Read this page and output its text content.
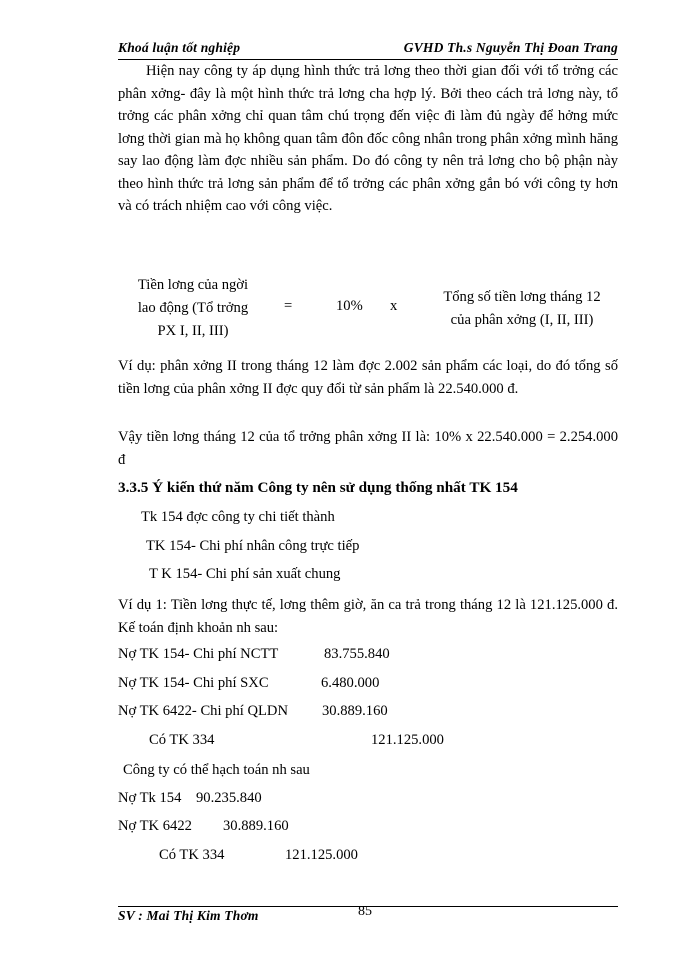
Khoá luận tốt nghiệp	GVHD Th.s Nguyễn Thị Đoan Trang
Hiện nay công ty áp dụng hình thức trả lơng theo thời gian đối với tổ trởng các phân xởng- đây là một hình thức trả lơng cha hợp lý. Bởi theo cách trả lơng này, tổ trởng các phân xởng chỉ quan tâm chú trọng đến việc đi làm đủ ngày để hởng mức lơng thời gian mà họ không quan tâm đôn đốc công nhân trong phân xởng mình hăng say lao động làm đợc nhiều sản phẩm. Do đó công ty nên trả lơng cho bộ phận này theo hình thức trả lơng sản phẩm để tổ trởng các phân xởng gắn bó với công ty hơn và có trách nhiệm cao với công việc.
Tiền lơng của ngời
lao động (Tổ trởng
PX I, II, III)
=	10% x
Tổng số tiền lơng tháng 12
của phân xởng (I, II, III)
Ví dụ: phân xởng II trong tháng 12 làm đợc 2.002 sản phẩm các loại, do đó tổng số tiền lơng của phân xởng II đợc quy đổi từ sản phẩm là 22.540.000 đ.
Vậy tiền lơng tháng 12 của tổ trởng phân xởng II là: 10% x 22.540.000 = 2.254.000 đ
3.3.5 Ý kiến thứ năm Công ty nên sử dụng thống nhất TK 154
Tk 154 đợc công ty chi tiết thành
TK 154- Chi phí nhân công trực tiếp
T K 154- Chi phí sản xuất chung
Ví dụ 1: Tiền lơng thực tế, lơng thêm giờ, ăn ca trả trong tháng 12 là 121.125.000 đ. Kế toán định khoản nh sau:
Nợ TK 154- Chi phí NCTT	83.755.840
Nợ TK 154- Chi phí SXC	6.480.000
Nợ TK 6422- Chi phí QLDN 30.889.160
Có TK 334	121.125.000
Công ty có thể hạch toán nh sau
Nợ Tk 154 90.235.840
Nợ TK 6422 30.889.160
Có TK 334	121.125.000
SV : Mai Thị Kim Thơm	85
